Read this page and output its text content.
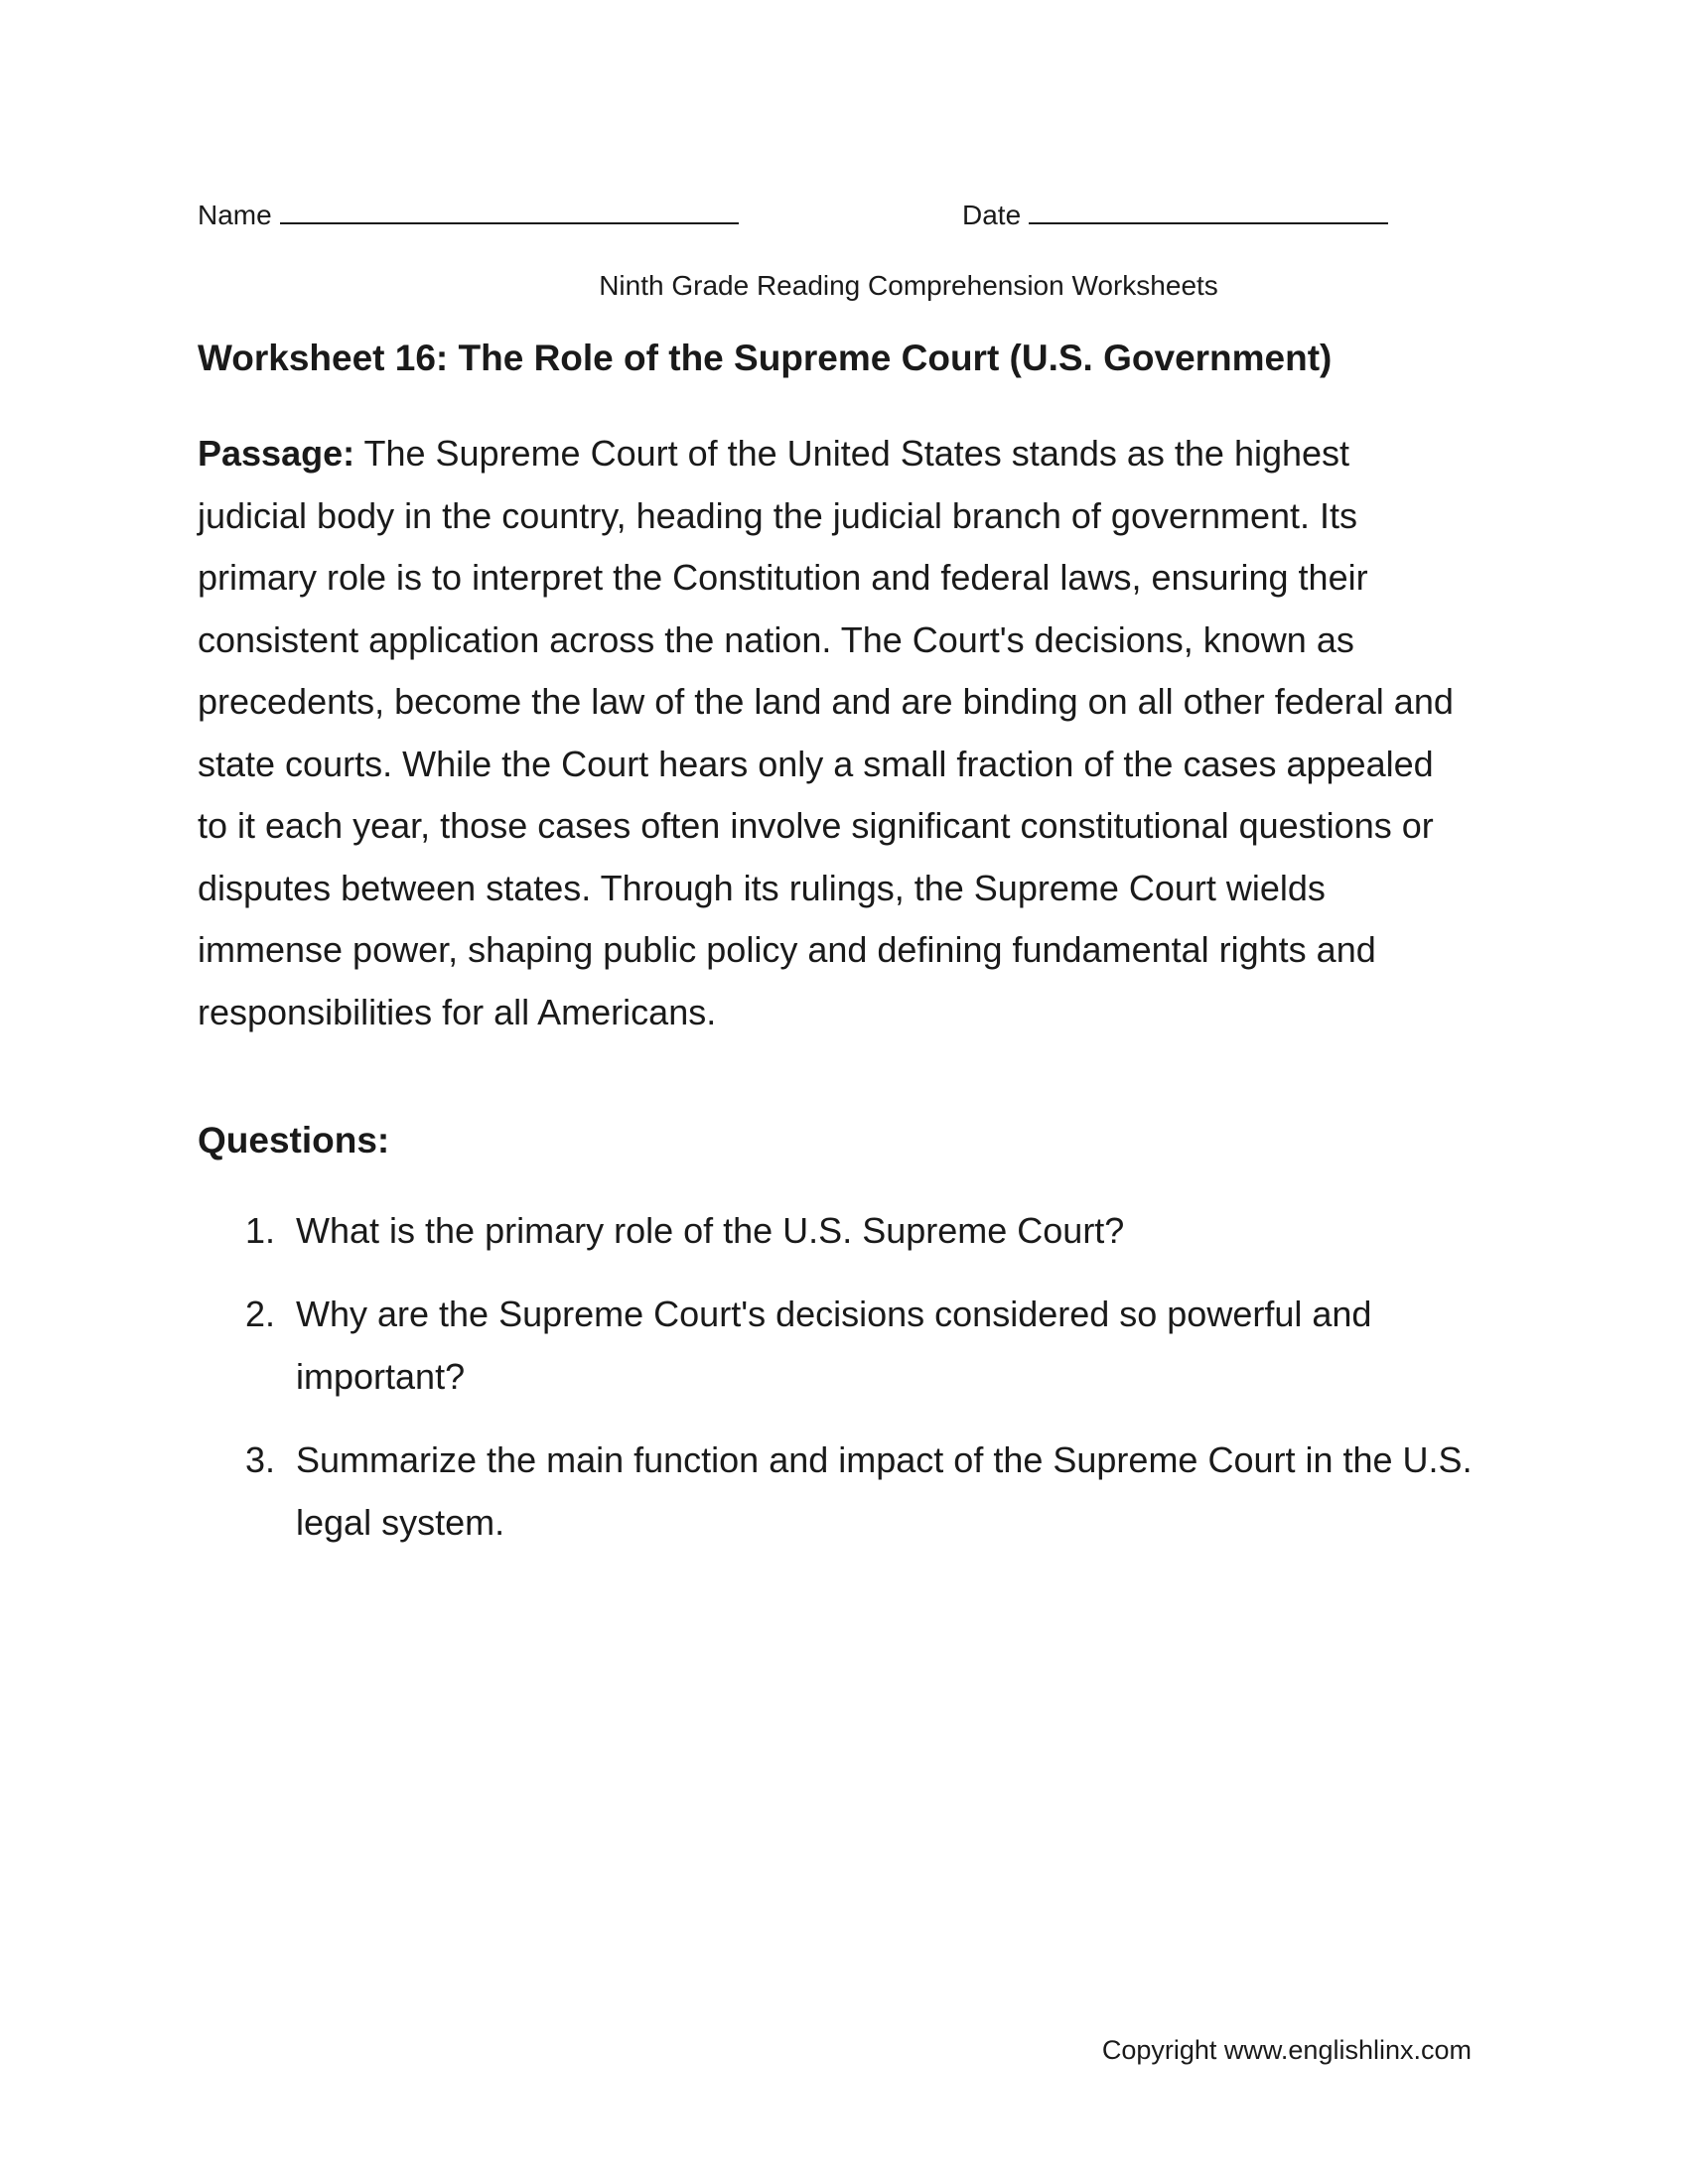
Name	Date
Ninth Grade Reading Comprehension Worksheets
Worksheet 16: The Role of the Supreme Court (U.S. Government)
Passage: The Supreme Court of the United States stands as the highest judicial body in the country, heading the judicial branch of government. Its primary role is to interpret the Constitution and federal laws, ensuring their consistent application across the nation. The Court's decisions, known as precedents, become the law of the land and are binding on all other federal and state courts. While the Court hears only a small fraction of the cases appealed to it each year, those cases often involve significant constitutional questions or disputes between states. Through its rulings, the Supreme Court wields immense power, shaping public policy and defining fundamental rights and responsibilities for all Americans.
Questions:
1. What is the primary role of the U.S. Supreme Court?
2. Why are the Supreme Court's decisions considered so powerful and important?
3. Summarize the main function and impact of the Supreme Court in the U.S. legal system.
Copyright www.englishlinx.com
